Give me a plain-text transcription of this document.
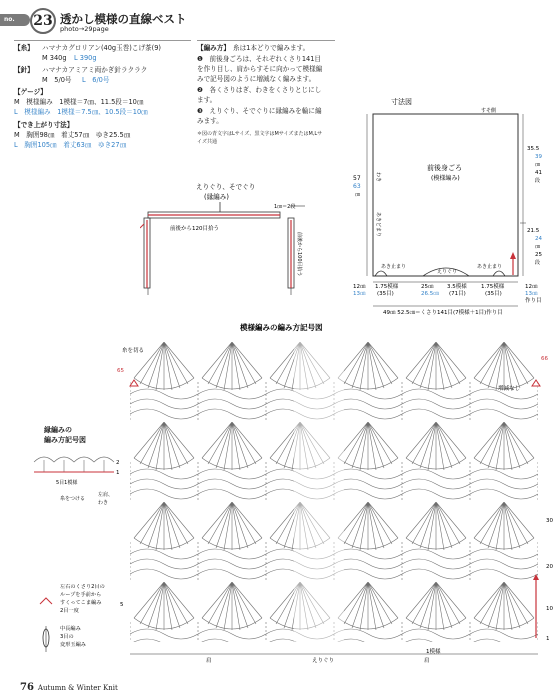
no. 23 透かし模様の直線ベスト
photo→29page
【糸】 ハマナカグロリアン(40g玉巻)こげ茶(9)
M 340g L 390g
【針】 ハマナカアミアミ両かぎ針ラクラク
M　5/0号 L　6/0号
【ゲージ】
M　模様編み　1模様＝7㎝、11.5段＝10㎝
L　模様編み　1模様＝7.5㎝、10.5段＝10㎝
【でき上がり寸法】
M　胸囲98㎝　着丈57㎝　ゆき25.5㎝
L　胸囲105㎝　着丈63㎝　ゆき27㎝
【編み方】 糸は1本どりで編みます。
❶　前後身ごろは、それぞれくさり141目
を作り目し、肩からすそに向かって模様編
みで記号図のように増減なく編みます。
❷　各くさりはぎ、わきをくさりとじにし
ます。
❸　えりぐり、そでぐりに縁編みを輪に編
みます。
＊図の青文字はLサイズ、黒文字はMサイズまたはM,Lサ
イズ共通
えりぐり、そでぐり
(縁編み)
前後から120目拾う
1㎝＝2段
前後から100目拾う
寸法図
すそ側
前後身ごろ
(模様編み)
57
63
㎝
あきどまり
わき
35.5
39
㎝
41
段
21.5
24
㎝
25
段
あき止まり	あき止まり
えりぐり
12㎝
13㎝
1.75模様
(35目)
25㎝
26.5㎝
3.5模様
(71目)
1.75模様
(35目)
12㎝
13㎝
作り目
49㎝ 52.5㎝＝くさり141目(7模様＋1目)作り目
模様編みの編み方記号図
66
65
30
20
10
5
1
糸を切る
増減なし
肩	えりぐり	肩
1模様
縁編みの
編み方記号図
2
1
5目1模様
糸をつける
左肩、
わき
左右のくさり2目の
ループを手前から
すくってこま編み
2目一度
中長編み
3目の
変形玉編み
76 Autumn & Winter Knit
